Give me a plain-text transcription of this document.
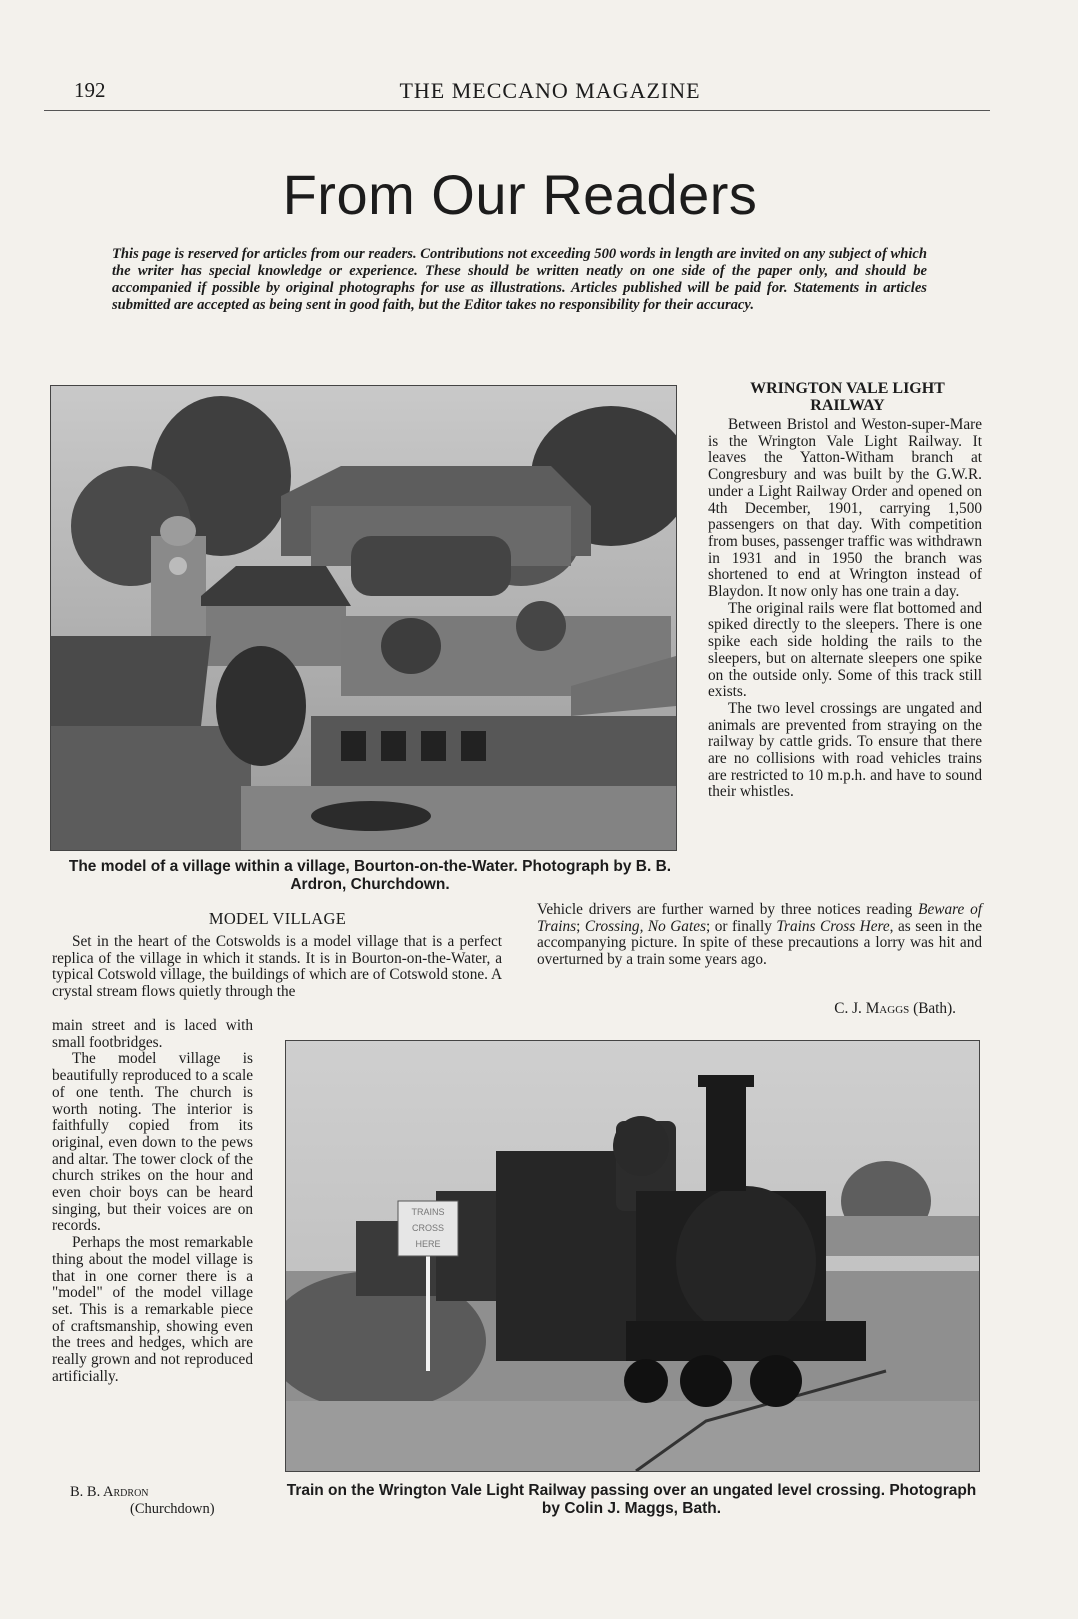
192	THE MECCANO MAGAZINE
From Our Readers
This page is reserved for articles from our readers. Contributions not exceeding 500 words in length are invited on any subject of which the writer has special knowledge or experience. These should be written neatly on one side of the paper only, and should be accompanied if possible by original photographs for use as illustrations. Articles published will be paid for. Statements in articles submitted are accepted as being sent in good faith, but the Editor takes no responsibility for their accuracy.
The model of a village within a village, Bourton-on-the-Water. Photograph by B. B. Ardron, Churchdown.
WRINGTON VALE LIGHT RAILWAY

Between Bristol and Weston-super-Mare is the Wrington Vale Light Railway. It leaves the Yatton-Witham branch at Congresbury and was built by the G.W.R. under a Light Railway Order and opened on 4th December, 1901, carrying 1,500 passengers on that day. With competition from buses, passenger traffic was withdrawn in 1931 and in 1950 the branch was shortened to end at Wrington instead of Blaydon. It now only has one train a day.

The original rails were flat bottomed and spiked directly to the sleepers. There is one spike each side holding the rails to the sleepers, but on alternate sleepers one spike on the outside only. Some of this track still exists.

The two level crossings are ungated and animals are prevented from straying on the railway by cattle grids. To ensure that there are no collisions with road vehicles trains are restricted to 10 m.p.h. and have to sound their whistles.

Vehicle drivers are further warned by three notices reading Beware of Trains; Crossing, No Gates; or finally Trains Cross Here, as seen in the accompanying picture. In spite of these precautions a lorry was hit and overturned by a train some years ago.
C. J. Maggs (Bath).
MODEL VILLAGE

Set in the heart of the Cotswolds is a model village that is a perfect replica of the village in which it stands. It is in Bourton-on-the-Water, a typical Cotswold village, the buildings of which are of Cotswold stone. A crystal stream flows quietly through the

main street and is laced with small footbridges.

The model village is beautifully reproduced to a scale of one tenth. The church is worth noting. The interior is faithfully copied from its original, even down to the pews and altar. The tower clock of the church strikes on the hour and even choir boys can be heard singing, but their voices are on records.

Perhaps the most remarkable thing about the model village is that in one corner there is a "model" of the model village set. This is a remarkable piece of craftsmanship, showing even the trees and hedges, which are really grown and not reproduced artificially.

B. B. Ardron
(Churchdown)
TRAINS
CROSS
HERE
Train on the Wrington Vale Light Railway passing over an ungated level crossing. Photograph by Colin J. Maggs, Bath.
